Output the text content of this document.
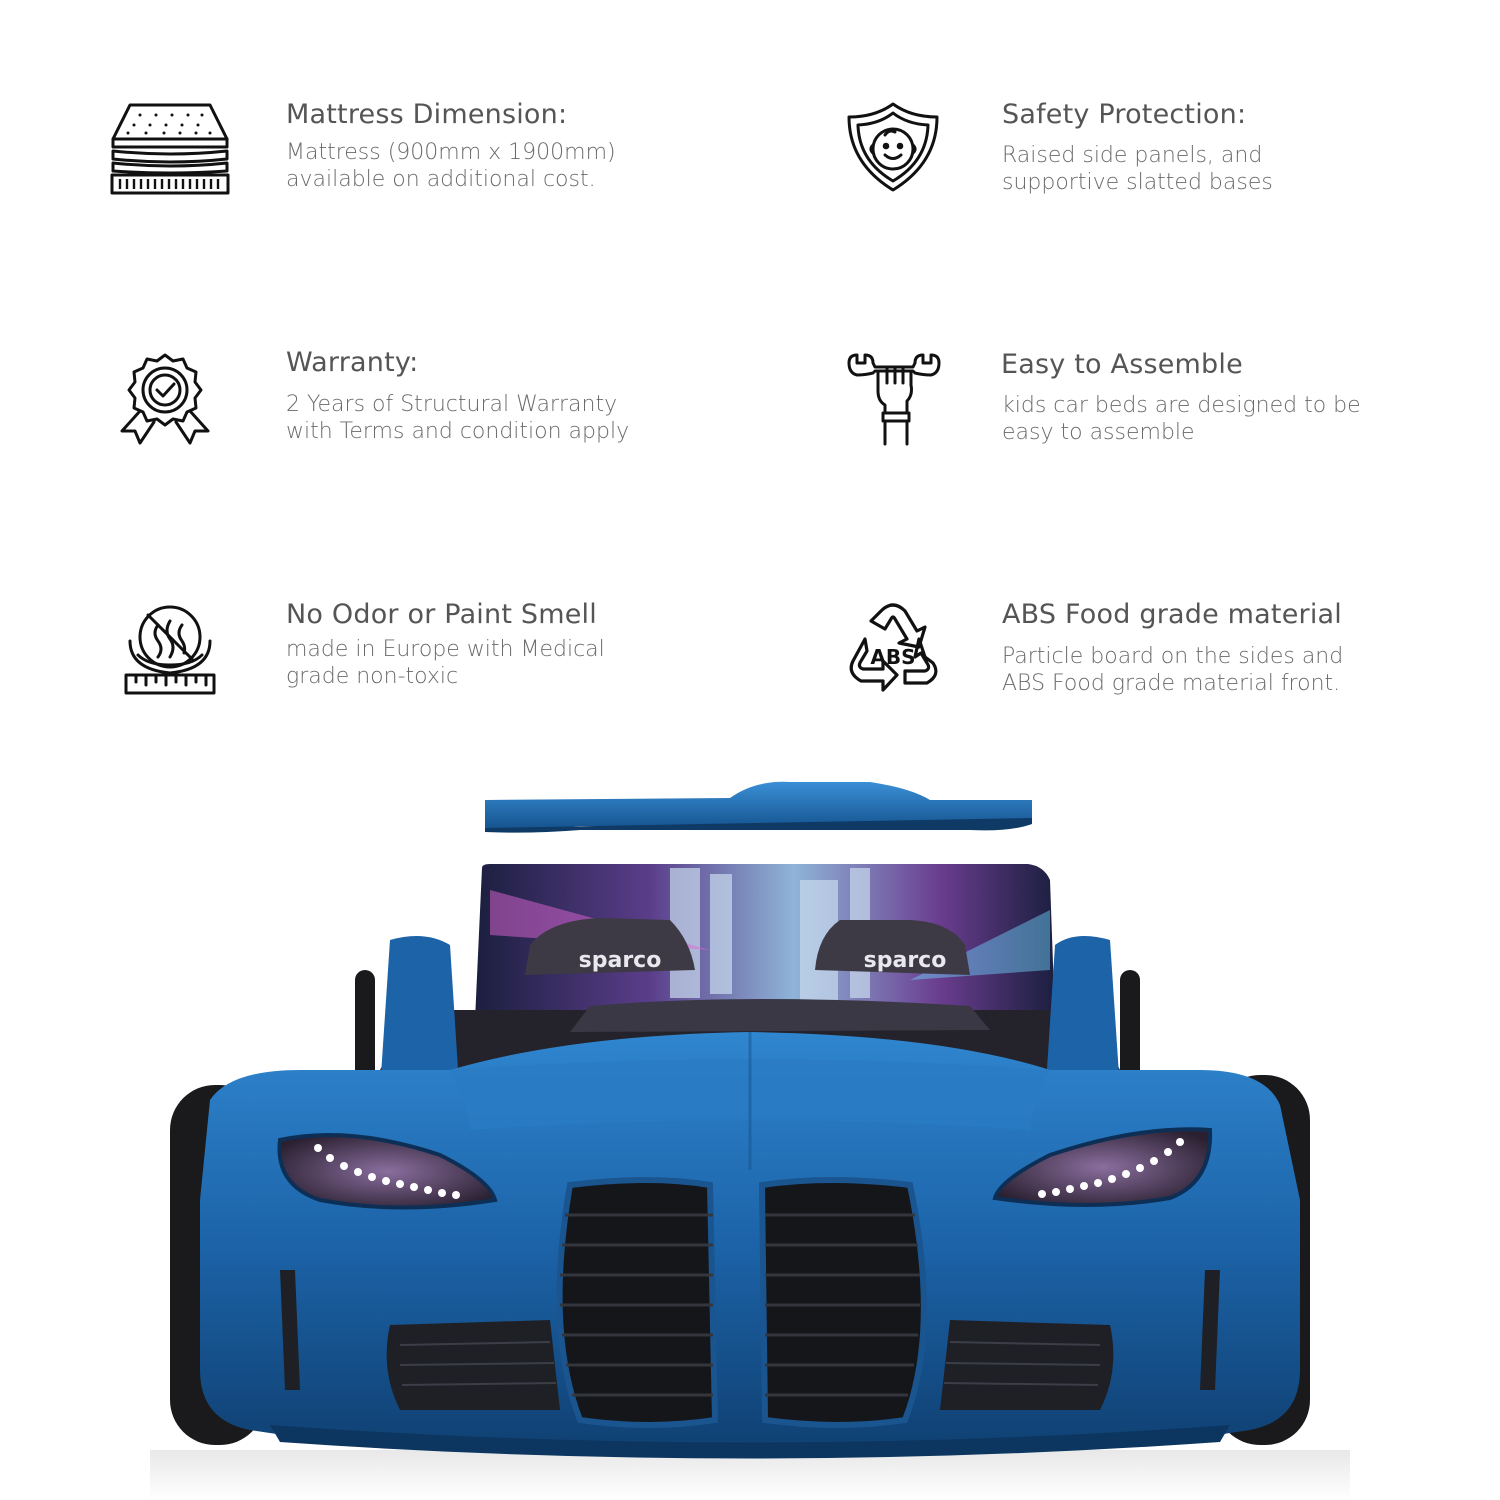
Mattress Dimension:

Mattress (900mm x 1900mm)
available on additional cost.

Safety Protection:

Raised side panels, and
supportive slatted bases

Warranty:

2 Years of Structural Warranty
with Terms and condition apply

Easy to Assemble

kids car beds are designed to be
easy to assemble

No Odor or Paint Smell

made in Europe with Medical
grade non-toxic

ABS
ABS Food grade material

Particle board on the sides and
ABS Food grade material front.

sparco	sparco
